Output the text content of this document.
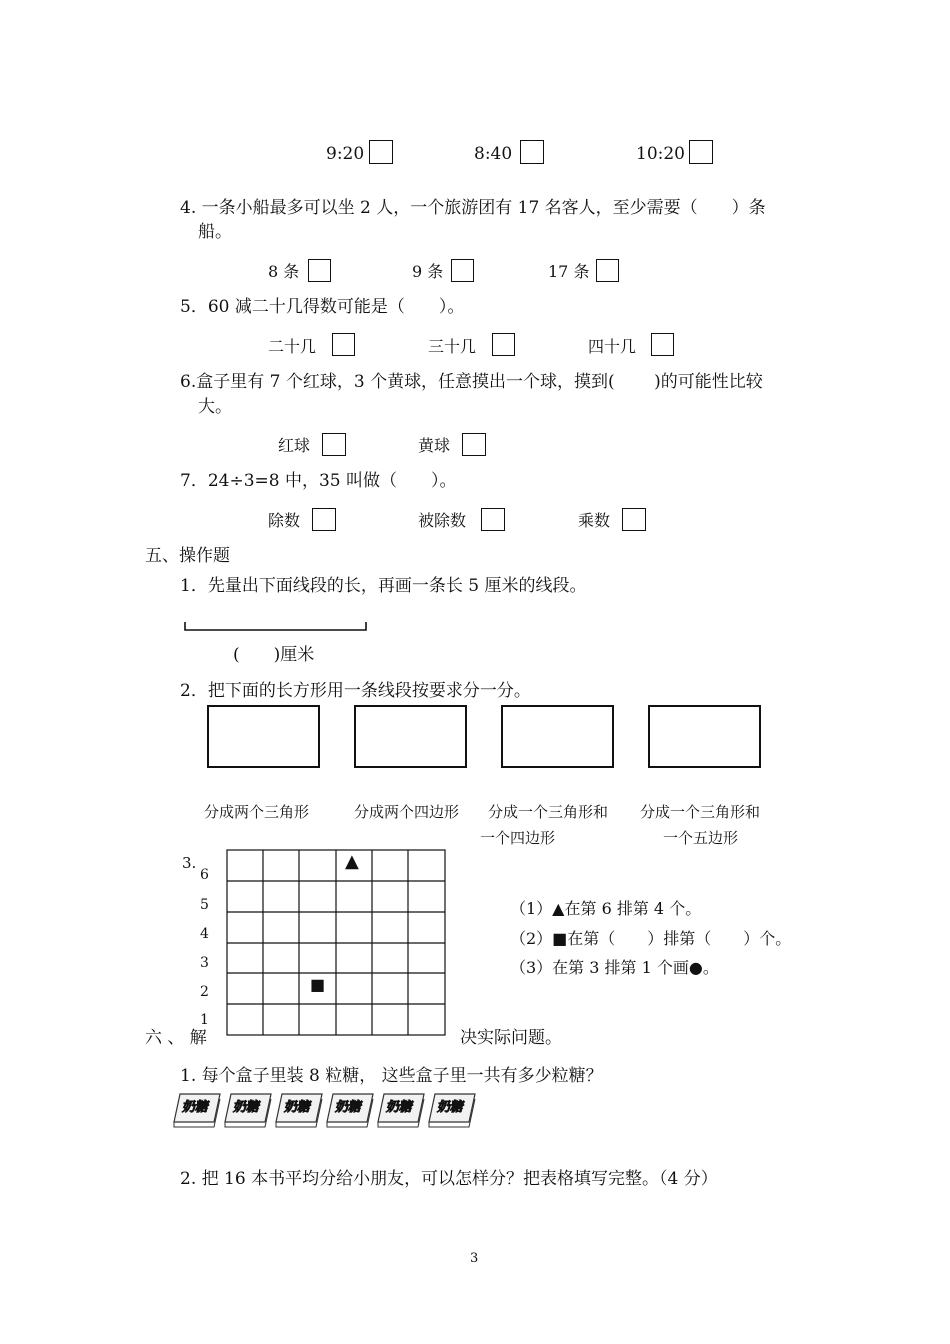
9:20	8:40	10:20
4. 一条小船最多可以坐 2 人，一个旅游团有 17 名客人，至少需要（　　）条
船。
8 条	9 条	17 条
5．60 减二十几得数可能是（　　）。
二十几	三十几	四十几
6.盒子里有 7 个红球，3 个黄球，任意摸出一个球，摸到(　　 )的可能性比较
大。
红球	黄球
7．24÷3=8 中，35 叫做（　　）。
除数	被除数	乘数
五、操作题
1．先量出下面线段的长，再画一条长 5 厘米的线段。
(　　)厘米
2．把下面的长方形用一条线段按要求分一分。
分成两个三角形	分成两个四边形 分成一个三角形和
一个四边形
分成一个三角形和
一个五边形
3.
6
5
4
3
2
1
▲
■
（1）▲在第 6 排第 4 个。
（2）■在第（　　）排第（　　）个。
（3）在第 3 排第 1 个画●。
六 、 解	决实际问题。
1. 每个盒子里装 8 粒糖， 这些盒子里一共有多少粒糖？
奶糖 奶糖 奶糖 奶糖 奶糖 奶糖
2. 把 16 本书平均分给小朋友，可以怎样分？把表格填写完整。（4 分）
3
